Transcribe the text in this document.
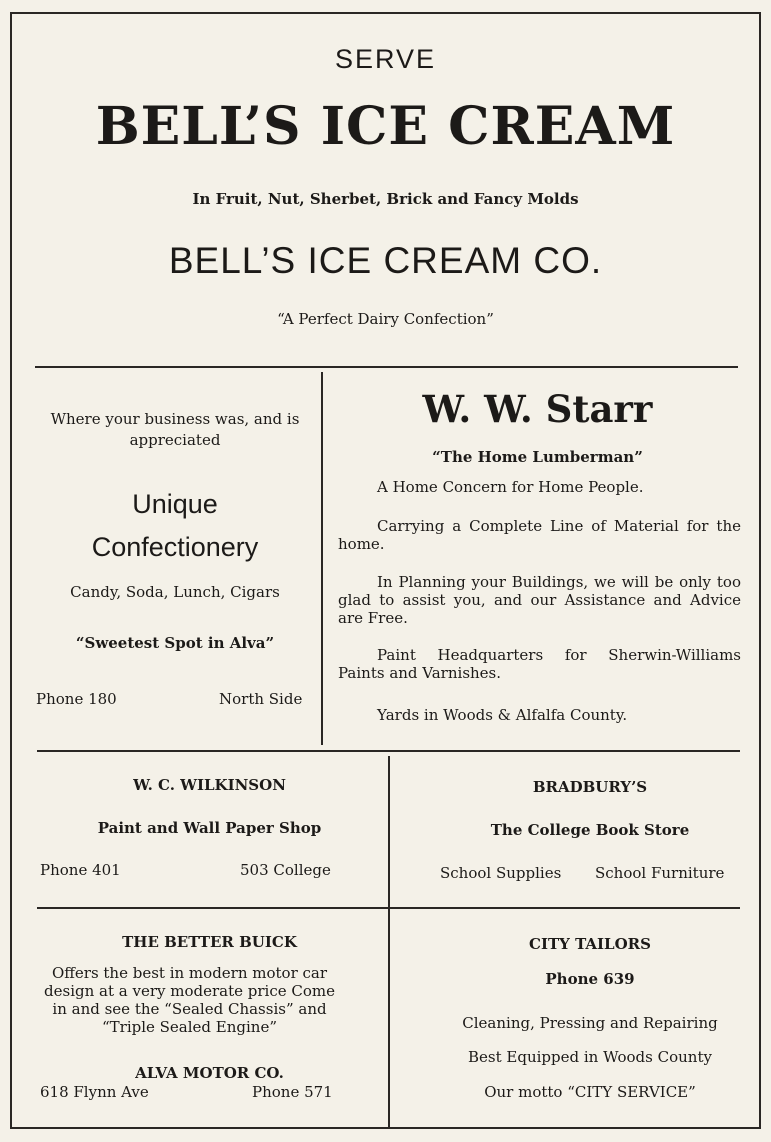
SERVE
BELL’S ICE CREAM
In Fruit, Nut, Sherbet, Brick and Fancy Molds
BELL’S ICE CREAM CO.
“A Perfect Dairy Confection”
Where your business was, and is appreciated
Unique
Confectionery
Candy, Soda, Lunch, Cigars
“Sweetest Spot in Alva”
Phone 180	North Side
W. W. Starr
“The Home Lumberman”
A Home Concern for Home People.
Carrying a Complete Line of Material for the home.
In Planning your Buildings, we will be only too glad to assist you, and our Assistance and Advice are Free.
Paint Headquarters for Sherwin-Williams Paints and Varnishes.
Yards in Woods & Alfalfa County.
W. C. WILKINSON
Paint and Wall Paper Shop
Phone 401	503 College
BRADBURY’S
The College Book Store
School Supplies School Furniture
THE BETTER BUICK
Offers the best in modern motor car design at a very moderate price Come in and see the “Sealed Chassis” and “Triple Sealed Engine”
ALVA MOTOR CO.
618 Flynn Ave	Phone 571
CITY TAILORS
Phone 639
Cleaning, Pressing and Repairing
Best Equipped in Woods County
Our motto “CITY SERVICE”
